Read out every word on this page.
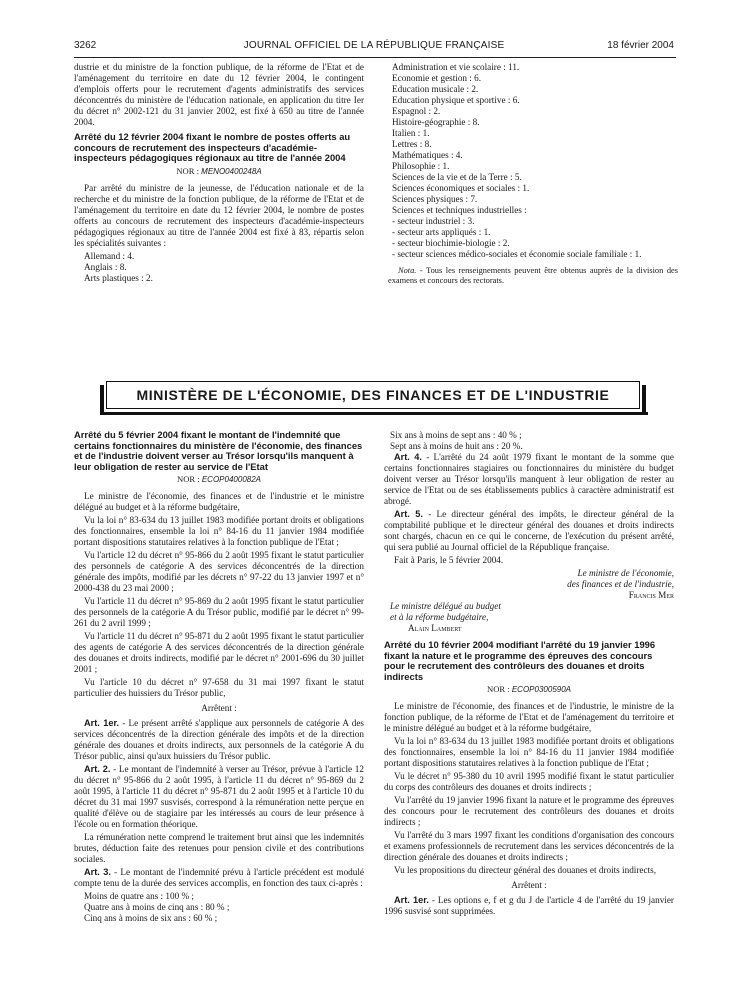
3262	JOURNAL OFFICIEL DE LA RÉPUBLIQUE FRANÇAISE	18 février 2004

dustrie et du ministre de la fonction publique, de la réforme de l'Etat et de l'aménagement du territoire en date du 12 février 2004, le contingent d'emplois offerts pour le recrutement d'agents administratifs des services déconcentrés du ministère de l'éducation nationale, en application du titre Ier du décret n° 2002-121 du 31 janvier 2002, est fixé à 650 au titre de l'année 2004.

Arrêté du 12 février 2004 fixant le nombre de postes offerts au concours de recrutement des inspecteurs d'académie-inspecteurs pédagogiques régionaux au titre de l'année 2004
NOR : MENO0400248A

Par arrêté du ministre de la jeunesse, de l'éducation nationale et de la recherche et du ministre de la fonction publique, de la réforme de l'Etat et de l'aménagement du territoire en date du 12 février 2004, le nombre de postes offerts au concours de recrutement des inspecteurs d'académie-inspecteurs pédagogiques régionaux au titre de l'année 2004 est fixé à 83, répartis selon les spécialités suivantes :

Allemand : 4.
Anglais : 8.
Arts plastiques : 2.
Administration et vie scolaire : 11.
Economie et gestion : 6.
Education musicale : 2.
Education physique et sportive : 6.
Espagnol : 2.
Histoire-géographie : 8.
Italien : 1.
Lettres : 8.
Mathématiques : 4.
Philosophie : 1.
Sciences de la vie et de la Terre : 5.
Sciences économiques et sociales : 1.
Sciences physiques : 7.
Sciences et techniques industrielles :
- secteur industriel : 3.
- secteur arts appliqués : 1.
- secteur biochimie-biologie : 2.
- secteur sciences médico-sociales et économie sociale familiale : 1.

Nota. - Tous les renseignements peuvent être obtenus auprès de la division des examens et concours des rectorats.

MINISTÈRE DE L'ÉCONOMIE, DES FINANCES ET DE L'INDUSTRIE
Arrêté du 5 février 2004 fixant le montant de l'indemnité que certains fonctionnaires du ministère de l'économie, des finances et de l'industrie doivent verser au Trésor lorsqu'ils manquent à leur obligation de rester au service de l'Etat
NOR : ECOP0400082A

Le ministre de l'économie, des finances et de l'industrie et le ministre délégué au budget et à la réforme budgétaire,

Vu la loi n° 83-634 du 13 juillet 1983 modifiée portant droits et obligations des fonctionnaires, ensemble la loi n° 84-16 du 11 janvier 1984 modifiée portant dispositions statutaires relatives à la fonction publique de l'Etat ;

Vu l'article 12 du décret n° 95-866 du 2 août 1995 fixant le statut particulier des personnels de catégorie A des services déconcentrés de la direction générale des impôts, modifié par les décrets n° 97-22 du 13 janvier 1997 et n° 2000-438 du 23 mai 2000 ;

Vu l'article 11 du décret n° 95-869 du 2 août 1995 fixant le statut particulier des personnels de la catégorie A du Trésor public, modifié par le décret n° 99-261 du 2 avril 1999 ;

Vu l'article 11 du décret n° 95-871 du 2 août 1995 fixant le statut particulier des agents de catégorie A des services déconcentrés de la direction générale des douanes et droits indirects, modifié par le décret n° 2001-696 du 30 juillet 2001 ;

Vu l'article 10 du décret n° 97-658 du 31 mai 1997 fixant le statut particulier des huissiers du Trésor public,

Arrêtent :

Art. 1er. - Le présent arrêté s'applique aux personnels de catégorie A des services déconcentrés de la direction générale des impôts et de la direction générale des douanes et droits indirects, aux personnels de la catégorie A du Trésor public, ainsi qu'aux huissiers du Trésor public.

Art. 2. - Le montant de l'indemnité à verser au Trésor, prévue à l'article 12 du décret n° 95-866 du 2 août 1995, à l'article 11 du décret n° 95-869 du 2 août 1995, à l'article 11 du décret n° 95-871 du 2 août 1995 et à l'article 10 du décret du 31 mai 1997 susvisés, correspond à la rémunération nette perçue en qualité d'élève ou de stagiaire par les intéressés au cours de leur présence à l'école ou en formation théorique.

La rémunération nette comprend le traitement brut ainsi que les indemnités brutes, déduction faite des retenues pour pension civile et des contributions sociales.

Art. 3. - Le montant de l'indemnité prévu à l'article précédent est modulé compte tenu de la durée des services accomplis, en fonction des taux ci-après :

Moins de quatre ans : 100 % ;
Quatre ans à moins de cinq ans : 80 % ;
Cinq ans à moins de six ans : 60 % ;
Six ans à moins de sept ans : 40 % ;
Sept ans à moins de huit ans : 20 %.

Art. 4. - L'arrêté du 24 août 1979 fixant le montant de la somme que certains fonctionnaires stagiaires ou fonctionnaires du ministère du budget doivent verser au Trésor lorsqu'ils manquent à leur obligation de rester au service de l'Etat ou de ses établissements publics à caractère administratif est abrogé.

Art. 5. - Le directeur général des impôts, le directeur général de la comptabilité publique et le directeur général des douanes et droits indirects sont chargés, chacun en ce qui le concerne, de l'exécution du présent arrêté, qui sera publié au Journal officiel de la République française.

Fait à Paris, le 5 février 2004.

Le ministre de l'économie,

des finances et de l'industrie,

Francis Mer

Le ministre délégué au budget

et à la réforme budgétaire,

Alain Lambert

Arrêté du 10 février 2004 modifiant l'arrêté du 19 janvier 1996 fixant la nature et le programme des épreuves des concours pour le recrutement des contrôleurs des douanes et droits indirects
NOR : ECOP0300590A

Le ministre de l'économie, des finances et de l'industrie, le ministre de la fonction publique, de la réforme de l'Etat et de l'aménagement du territoire et le ministre délégué au budget et à la réforme budgétaire,

Vu la loi n° 83-634 du 13 juillet 1983 modifiée portant droits et obligations des fonctionnaires, ensemble la loi n° 84-16 du 11 janvier 1984 modifiée portant dispositions statutaires relatives à la fonction publique de l'Etat ;

Vu le décret n° 95-380 du 10 avril 1995 modifié fixant le statut particulier du corps des contrôleurs des douanes et droits indirects ;

Vu l'arrêté du 19 janvier 1996 fixant la nature et le programme des épreuves des concours pour le recrutement des contrôleurs des douanes et droits indirects ;

Vu l'arrêté du 3 mars 1997 fixant les conditions d'organisation des concours et examens professionnels de recrutement dans les services déconcentrés de la direction générale des douanes et droits indirects ;

Vu les propositions du directeur général des douanes et droits indirects,

Arrêtent :

Art. 1er. - Les options e, f et g du J de l'article 4 de l'arrêté du 19 janvier 1996 susvisé sont supprimées.
